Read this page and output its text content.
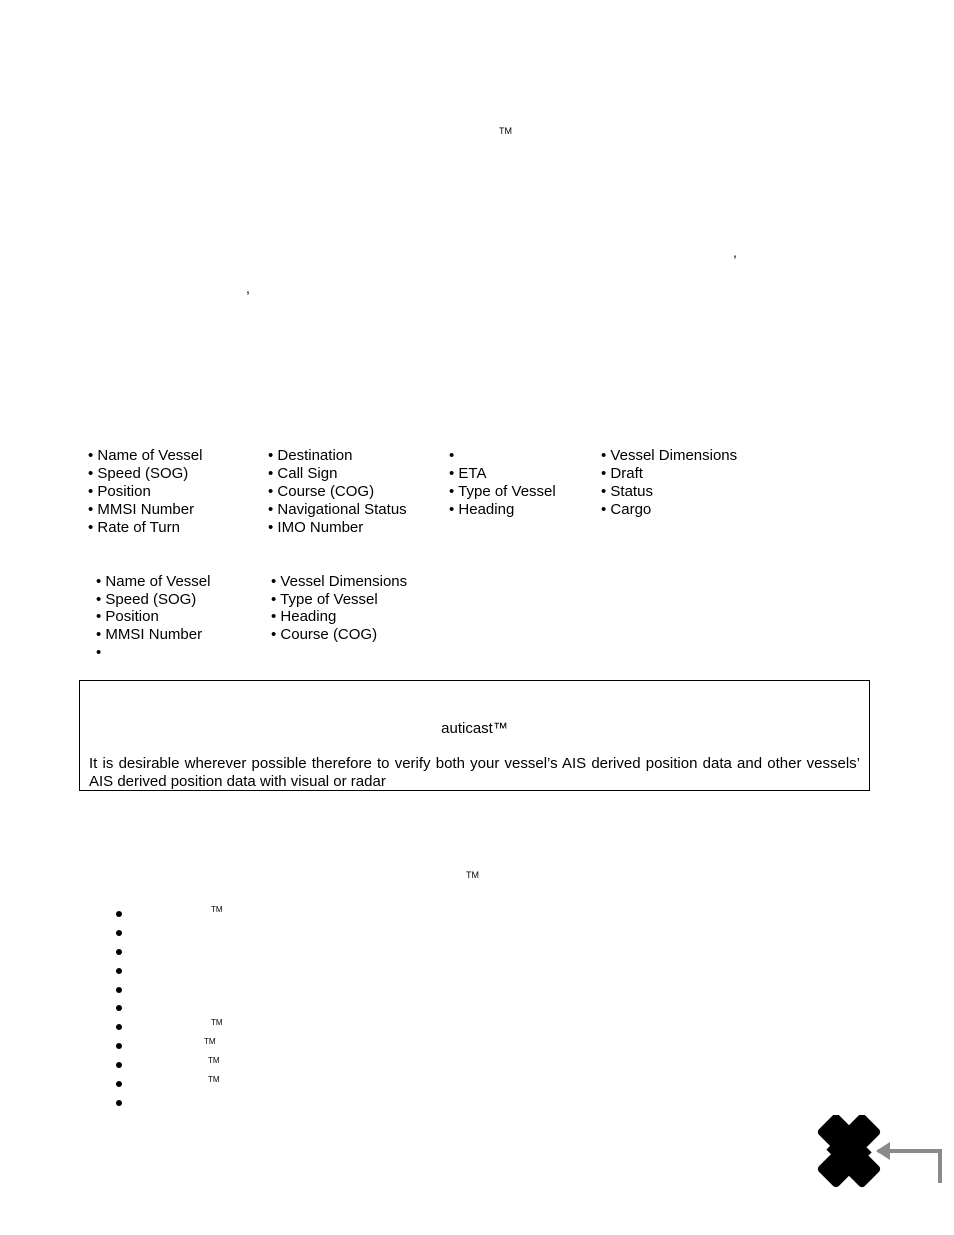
TM
,
,
• Name of Vessel
• Speed (SOG)
• Position
• MMSI Number
• Rate of Turn
• Destination
• Call Sign
• Course (COG)
• Navigational Status
• IMO Number
•
• ETA
• Type of Vessel
• Heading
• Vessel Dimensions
• Draft
• Status
• Cargo
• Name of Vessel
• Speed (SOG)
• Position
• MMSI Number
•
• Vessel Dimensions
• Type of Vessel
• Heading
• Course (COG)
auticast™
It is desirable wherever possible therefore to verify both your vessel’s AIS derived position data and other vessels’ AIS derived position data with visual or radar
TM
TM
TM
TM
TM
TM
